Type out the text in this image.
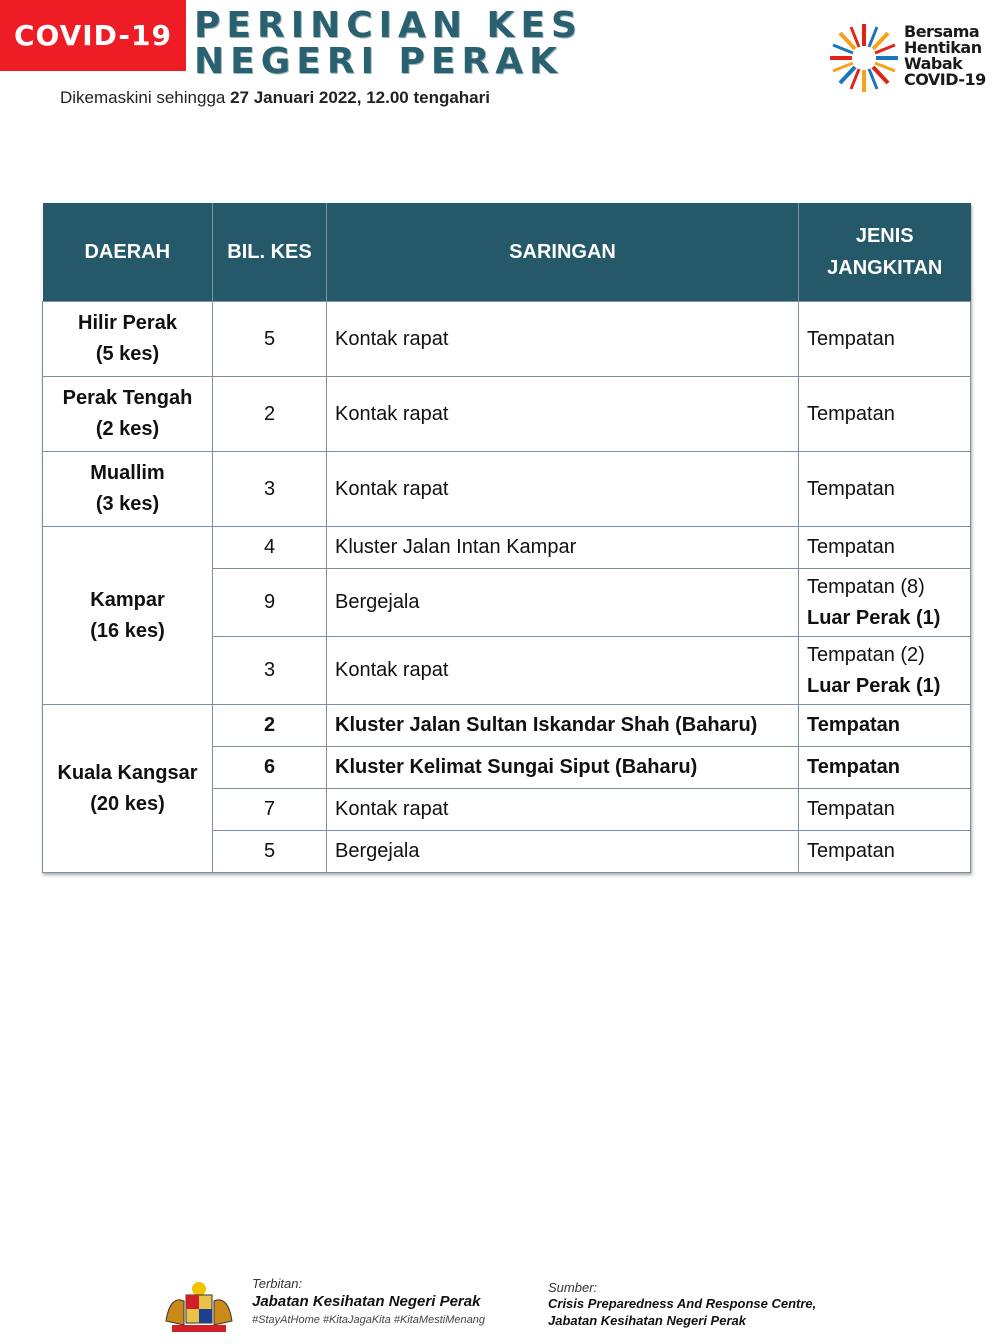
COVID-19 PERINCIAN KES
NEGERI PERAK
Dikemaskini sehingga 27 Januari 2022, 12.00 tengahari
Bersama
Hentikan
Wabak
COVID-19
DAERAH	BIL. KES	SARINGAN	JENIS JANGKITAN

Hilir Perak
(5 kes)	5	Kontak rapat	Tempatan

Perak Tengah
(2 kes)	2	Kontak rapat	Tempatan

Muallim
(3 kes)	3	Kontak rapat	Tempatan

Kampar
(16 kes)	4	Kluster Jalan Intan Kampar	Tempatan
	9	Bergejala	Tempatan (8)
Luar Perak (1)

	3	Kontak rapat	Tempatan (2)
Luar Perak (1)

Kuala Kangsar
(20 kes)	2	Kluster Jalan Sultan Iskandar Shah (Baharu)	Tempatan
	6	Kluster Kelimat Sungai Siput (Baharu)	Tempatan
	7	Kontak rapat	Tempatan
	5	Bergejala	Tempatan
Terbitan:
Jabatan Kesihatan Negeri Perak
#StayAtHome #KitaJagaKita #KitaMestiMenang
Sumber:
Crisis Preparedness And Response Centre,
Jabatan Kesihatan Negeri Perak
